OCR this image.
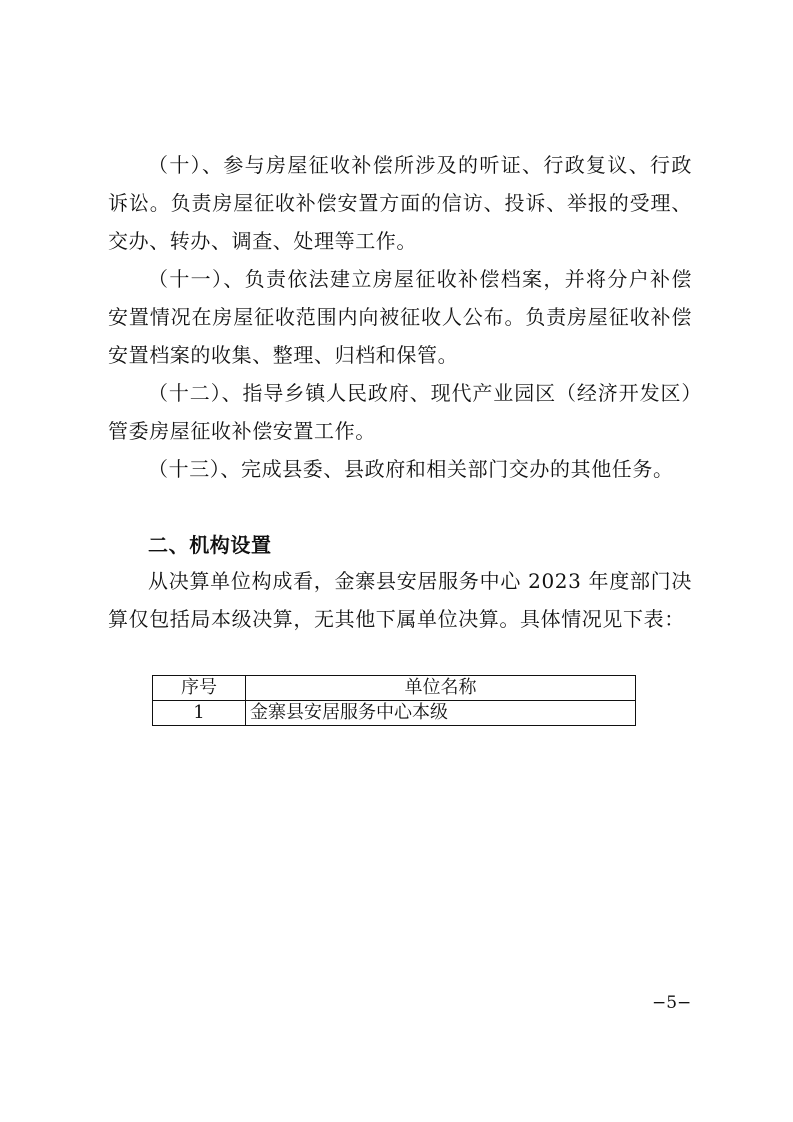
（十）、参与房屋征收补偿所涉及的听证、行政复议、行政诉讼。负责房屋征收补偿安置方面的信访、投诉、举报的受理、交办、转办、调查、处理等工作。

（十一）、负责依法建立房屋征收补偿档案，并将分户补偿安置情况在房屋征收范围内向被征收人公布。负责房屋征收补偿安置档案的收集、整理、归档和保管。

（十二）、指导乡镇人民政府、现代产业园区（经济开发区）管委房屋征收补偿安置工作。

（十三）、完成县委、县政府和相关部门交办的其他任务。

二、机构设置

从决算单位构成看，金寨县安居服务中心 2023 年度部门决算仅包括局本级决算，无其他下属单位决算。具体情况见下表：

序号	单位名称
1	金寨县安居服务中心本级
−5−
